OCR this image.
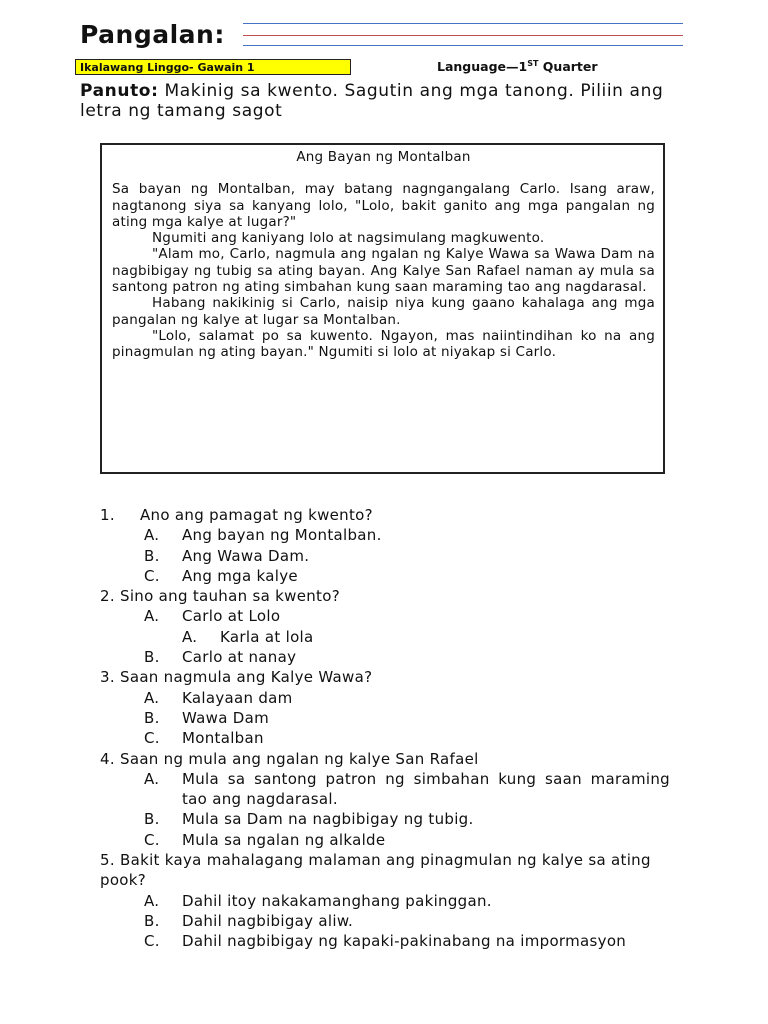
Pangalan:
Ikalawang Linggo- Gawain 1	Language—1ST Quarter
Panuto: Makinig sa kwento. Sagutin ang mga tanong. Piliin ang letra ng tamang sagot
Ang Bayan ng Montalban

Sa bayan ng Montalban, may batang nagngangalang Carlo. Isang araw, nagtanong siya sa kanyang lolo, "Lolo, bakit ganito ang mga pangalan ng ating mga kalye at lugar?"

Ngumiti ang kaniyang lolo at nagsimulang magkuwento.

"Alam mo, Carlo, nagmula ang ngalan ng Kalye Wawa sa Wawa Dam na nagbibigay ng tubig sa ating bayan. Ang Kalye San Rafael naman ay mula sa santong patron ng ating simbahan kung saan maraming tao ang nagdarasal.

Habang nakikinig si Carlo, naisip niya kung gaano kahalaga ang mga pangalan ng kalye at lugar sa Montalban.

"Lolo, salamat po sa kuwento. Ngayon, mas naiintindihan ko na ang pinagmulan ng ating bayan." Ngumiti si lolo at niyakap si Carlo.

1.	Ano ang pamagat ng kwento?
A.	Ang bayan ng Montalban.
B.	Ang Wawa Dam.
C.	Ang mga kalye
2. Sino ang tauhan sa kwento?
A.	Carlo at Lolo
A.	Karla at lola
B.	Carlo at nanay
3. Saan nagmula ang Kalye Wawa?
A.	Kalayaan dam
B.	Wawa Dam
C.	Montalban
4. Saan ng mula ang ngalan ng kalye San Rafael
A.	Mula sa santong patron ng simbahan kung saan maraming tao ang nagdarasal.
B.	Mula sa Dam na nagbibigay ng tubig.
C.	Mula sa ngalan ng alkalde
5. Bakit kaya mahalagang malaman ang pinagmulan ng kalye sa ating pook?
A.	Dahil itoy nakakamanghang pakinggan.
B.	Dahil nagbibigay aliw.
C.	Dahil nagbibigay ng kapaki-pakinabang na impormasyon
